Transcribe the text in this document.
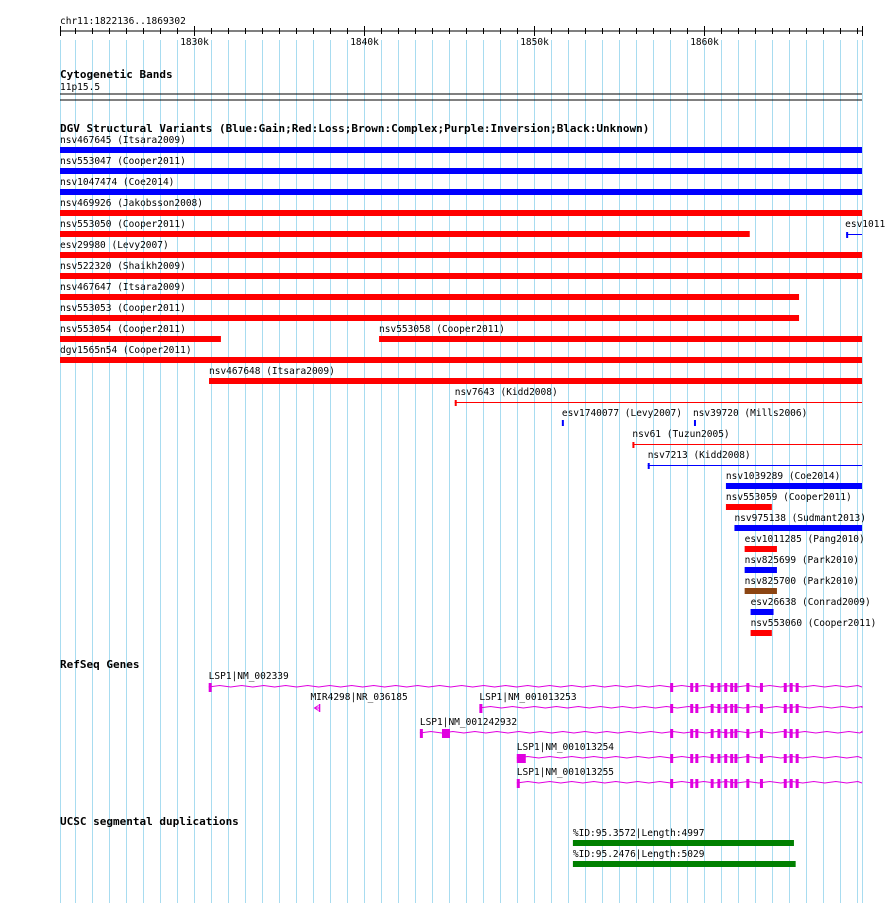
chr11:1822136..1869302
1830k	1840k	1850k	1860k
Cytogenetic Bands
11p15.5
DGV Structural Variants (Blue:Gain;Red:Loss;Brown:Complex;Purple:Inversion;Black:Unknown)
nsv467645 (Itsara2009)
nsv553047 (Cooper2011)
nsv1047474 (Coe2014)
nsv469926 (Jakobsson2008)
nsv553050 (Cooper2011)	esv1011
esv29980 (Levy2007)
nsv522320 (Shaikh2009)
nsv467647 (Itsara2009)
nsv553053 (Cooper2011)
nsv553054 (Cooper2011)	nsv553058 (Cooper2011)
dgv1565n54 (Cooper2011)
nsv467648 (Itsara2009)
nsv7643 (Kidd2008)
esv1740077 (Levy2007) nsv39720 (Mills2006)
nsv61 (Tuzun2005)
nsv7213 (Kidd2008)
nsv1039289 (Coe2014)
nsv553059 (Cooper2011)
nsv975138 (Sudmant2013)
esv1011285 (Pang2010)
nsv825699 (Park2010)
nsv825700 (Park2010)
esv26638 (Conrad2009)
nsv553060 (Cooper2011)
RefSeq Genes
LSP1|NM_002339
MIR4298|NR_036185	LSP1|NM_001013253
LSP1|NM_001242932
LSP1|NM_001013254
LSP1|NM_001013255
UCSC segmental duplications
%ID:95.3572|Length:4997
%ID:95.2476|Length:5029
